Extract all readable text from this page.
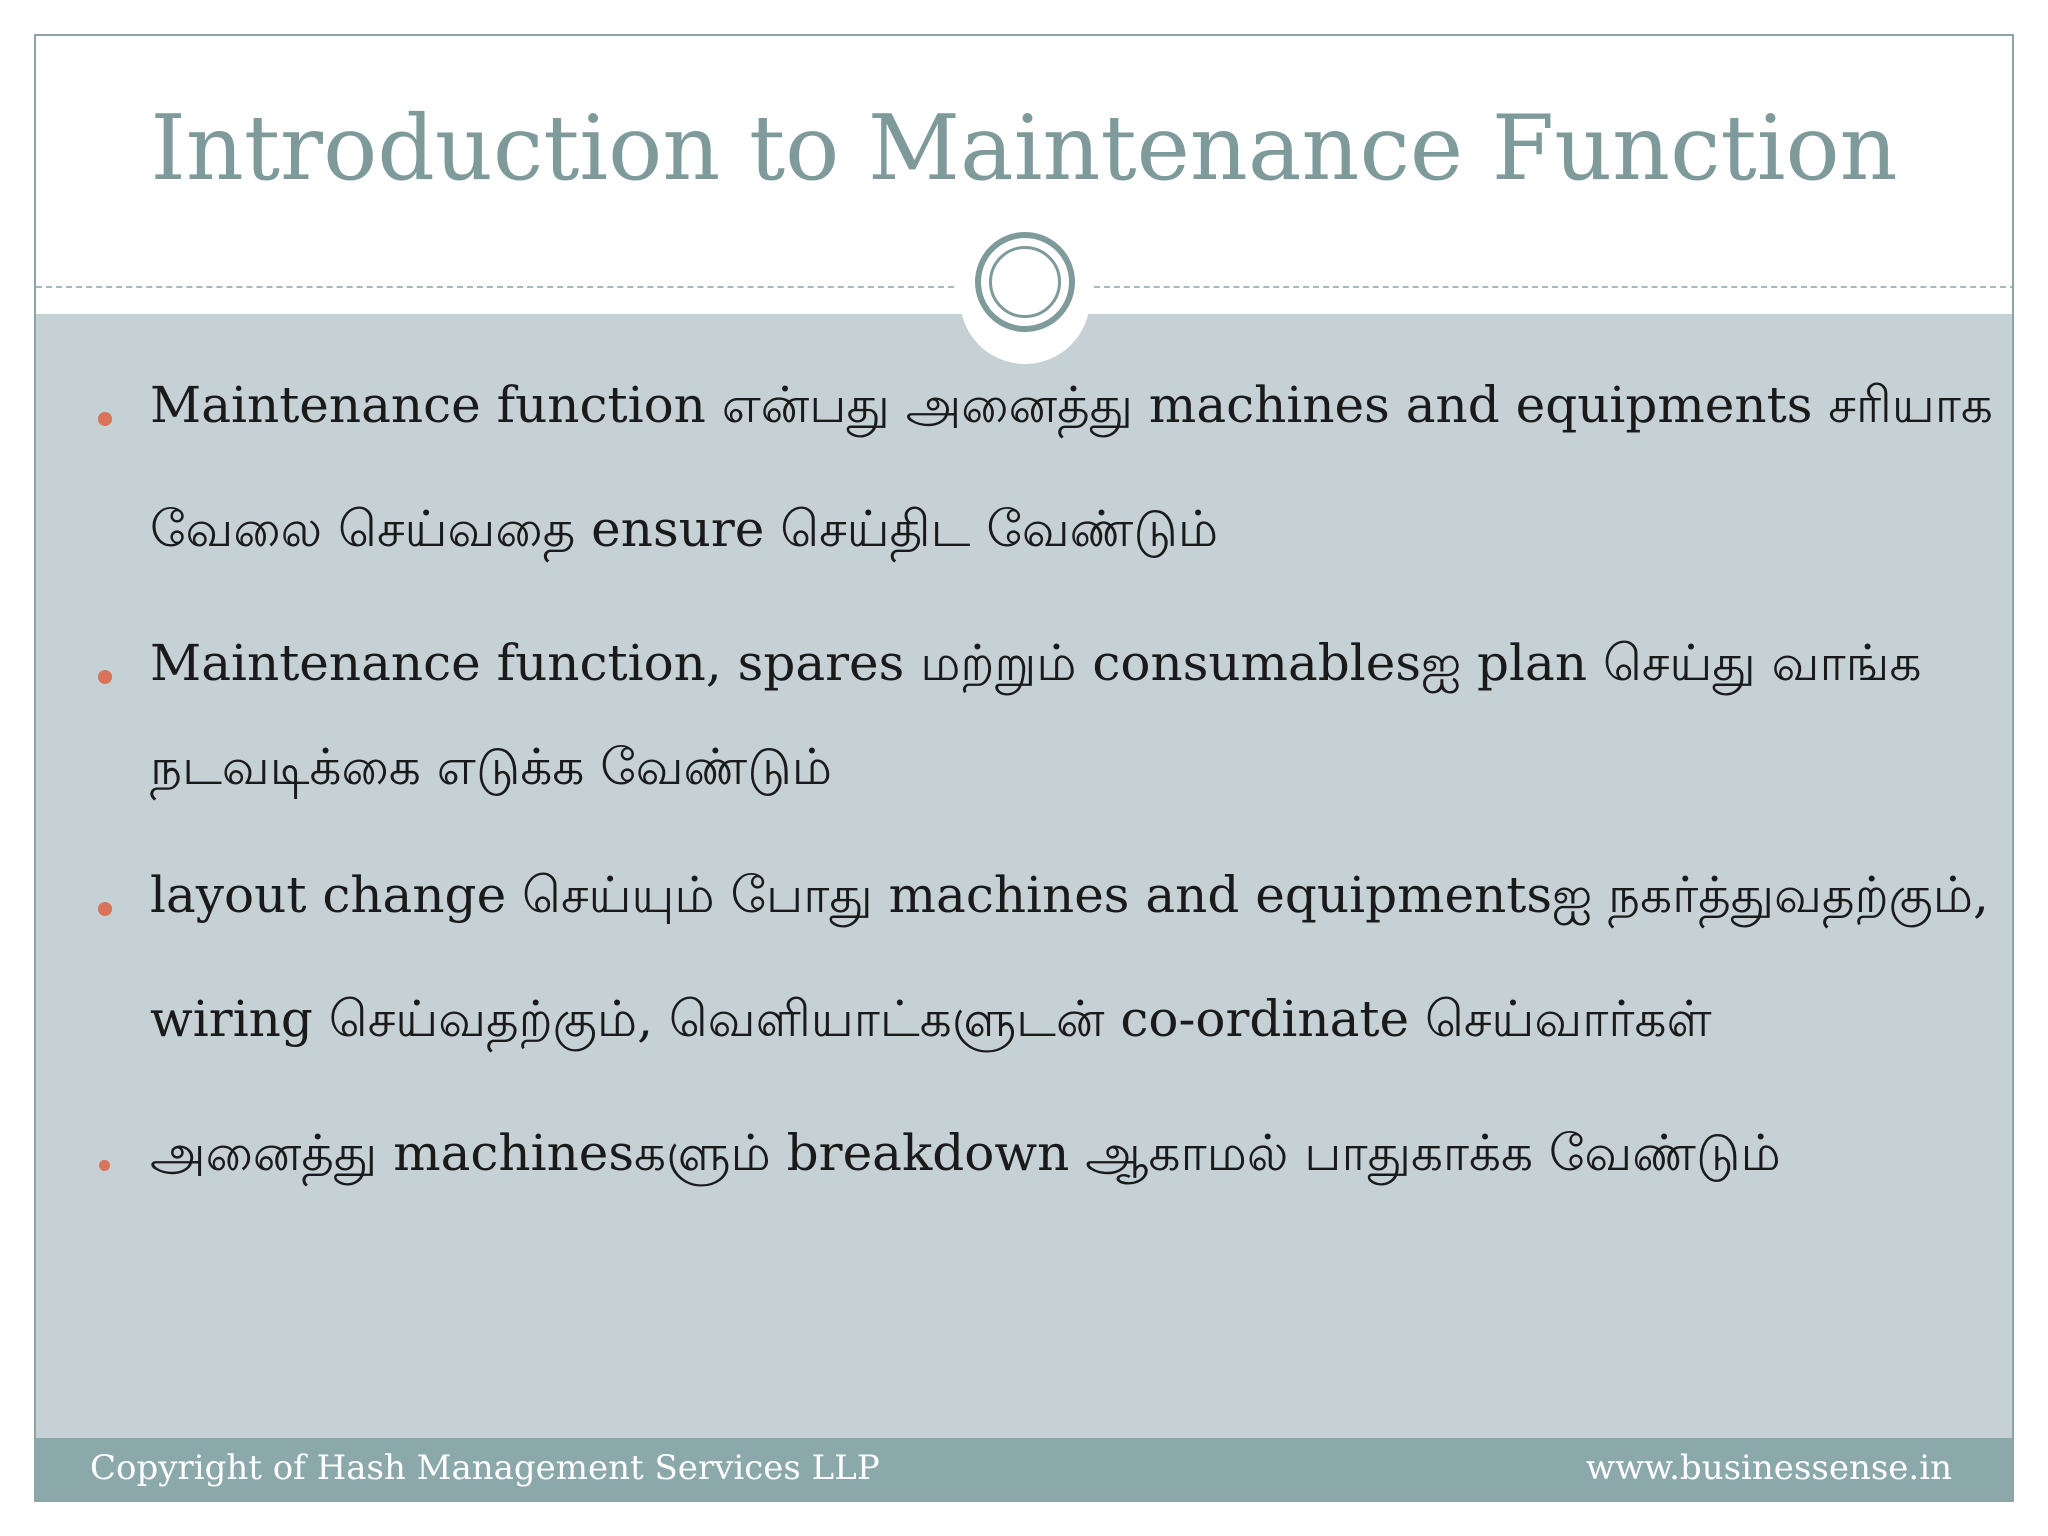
Introduction to Maintenance Function
Maintenance function என்பது அனைத்து machines and equipments சரியாக
வேலை செய்வதை ensure செய்திட வேண்டும்
Maintenance function, spares மற்றும் consumablesஐ plan செய்து வாங்க
நடவடிக்கை எடுக்க வேண்டும்
layout change செய்யும் போது machines and equipmentsஐ நகர்த்துவதற்கும்,
wiring செய்வதற்கும், வெளியாட்களுடன் co-ordinate செய்வார்கள்
அனைத்து machinesகளும் breakdown ஆகாமல் பாதுகாக்க வேண்டும்
Copyright of Hash Management Services LLP	www.businessense.in
